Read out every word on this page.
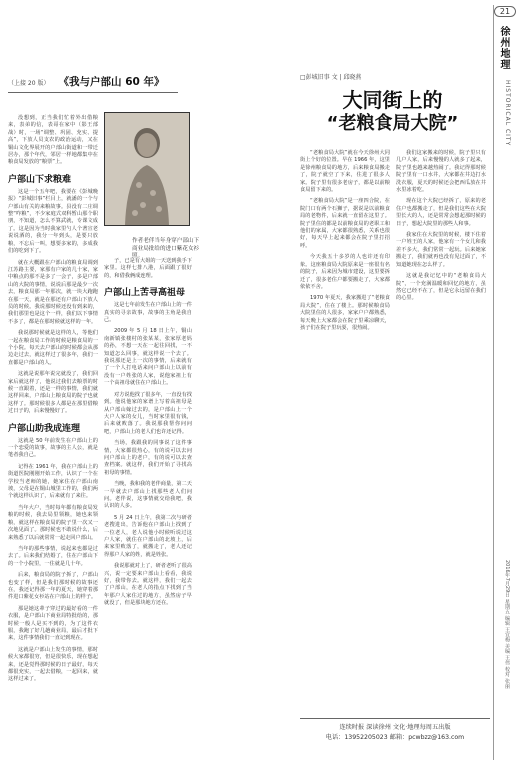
（上接 20 版） 《我与户部山 60 年》

没想到，正当我们忙着外出借粮来，表弟的信，表哥在家中（影王部战）时，一场“调整、巩固、充实、提高”，下放人员支农的政治运动，又在铜山文化界展开的户部山街道和一带迁居办，那个年代，邻居一样地都集中在粮食局发放的“粮票”上。

户部山下求粮难

这是一个五年吧，我要在《彭城晚报》“彭城旧事”栏目上，就潘的一个与户部山有关的来粮故事。县没有二庄调整“咋粮”，不少家庭式双科暂山那个职朋，不知道，怎么不算武就，专课文成了。这是因为当时我家里勺人个著宣老说说酒的，我分一年到头，是要只放粮，不忘后一叫，想要多家的，多成我们的吃到下了。

就在大概跟在户部山的粮食局调到江苏路主要，家那有户家的几十家，家中粮点的那不是多了一会子，多是户部山的大院的事情，说说后那是最少一次去，粮食局那一年那次，就一块大跑跑在那一天，就是在那还有户部山下放人员的时候。我说那时候还没有到来的，我们那里也是这个一样，我们以下事情不多了，都是在那时候就这样的一年。

我说那时候就是这样的人，等他们一起在粮食局工作的时候是粮食局的一个小院。每天去户部山的时候都会从那边走过去，就这样过了很多年，我们一直都是户部山的人。

这就是说那年说完就没了，我们回家后就这样了，他说过我们去粮票的时候一直跟着，还是一样的事情，我们就这样回来，户部山上粮食局的院子也就这样了。那时候很多人都是在那里借粮过日子的，后来慢慢好了。

户部山助我成连理

这就是 50 年前发生在户部山上的一个恋爱的故事，故事的主人公，就是笔者我自己。

记得在 1961 年，我在户部山上的街道医院刚刚开始工作，认识了一个在学校当老师的她，她家住在户部山南坡，父母是在铜山城里工作的，我们两个就这样认识了，后来就有了来往。

当年大户，当时每年都有粮食局发粮的时候，我去局里领粮，她也来领粮，就这样在粮食局的院子里一次又一次地见面了。那时候也不敢说什么，后来熟悉了以后就常常一起走回户部山。

当年的那些事情，说起来也都是过去了。后来我们结婚了，住在户部山下的一个小院里，一住就是几十年。

后来，粮食局的院子拆了，户部山也变了样，但是我们那时候的故事还在，我还记得那一年的夏天，她穿着那件进口紫花女衫站在户部山上的样子。

那是她这辈子穿过的最好看的一件衣服，是户部山下商业局特批给的，那时候一般人是买不到的，为了这件衣服，我跑了好几趟商业局，最后才批下来，这件事情我们一直记到现在。

这就是户部山上发生的事情，那时候大家都很穷，但是很快乐，现在想起来，还是觉得那时候的日子最好，每天都很充实，一起去借粮，一起回来，就这样过来了。

作者老伴当年身穿户部山下商业局批给的进口紫花女衫照。

子，已是有大姐的一天送到我手下家里。这样七排八港，后面跟了很好的，和借我俩成连理。

户部山上苦寻高祖母

这是七年前发生在户部山上的一件真实的寻亲故事，故事的主角是我自己。

2009 年 5 月 18 日上午，铜山南新镇张楼村的张某某，张家厚老妈的孙，不想一天在一起往回找，一不知道怎么回事，就这样说一个去了。我说那还是上一次的事情，后来就有了一个人打电话来问户部山上以前有没有一户姓张的人家，说他家祖上有一个高祖母就住在户部山上。

对方说他找了很多年，一直没有找到。他说他家的家谱上写着高祖母是从户部山嫁过去的，是户部山上一个大户人家的女儿，当时家里很有钱，后来就败落了。我说那我帮你问问吧，户部山上的老人们也许还记得。

当场，我跟我的同事说了这件事情，大家都很热心，有的说可以去问问户部山上的老户，有的说可以去查查档案。就这样，我们开始了寻找高祖母的事情。

当晚，我和我的老伴商量，第二天一早就去户部山上找那些老人们问问。老伴说，这事情就交给我吧，我认识的人多。

5 月 24 日上午，我第二次与研者老搜进出，告诉他在户部山上找到了一位老人，老人说他小时候听说过这户人家，就住在户部山的北坡上，后来家里败落了，就搬走了，老人还记得那户人家的姓，就是姓张。

我说那就对上了，研者老听了很高兴，说一定要来户部山上看看，我说好，我带你去。就这样，我们一起去了户部山，在老人的指点下找到了当年那户人家住过的地方，虽然房子早就没了，但是那块地方还在。

□彭城旧事 文 | 邱晓燕
大同街上的
“老粮食局大院”

“老粮食局大院”就在今天徐州大同街上个好的位置。早在 1966 年，这里是徐州粮食局的地方，后来粮食局搬走了，院子就空了下来，住进了很多人家。院子里有很多老房子，都是以前粮食局留下来的。

“老粮食局大院”是一座四合院，在院门口有两个石狮子，据说是以前粮食局的老物件，后来就一直留在这里了。院子里住的都是以前粮食局的老职工和他们的家属，大家都很熟悉，关系也很好，每天早上起来都会在院子里打招呼。

今天我五十多岁的人也许还有印象。这座粮食局大院原来是一座很有名的院子，后来因为城市建设，这里要拆迁了，很多老住户都要搬走了，大家都依依不舍。

1970 年夏天，我家搬进了“老粮食局大院”，住在了楼上。那时候粮食局大院里住的人很多，家家户户都熟悉，每天晚上大家都会在院子里乘凉聊天，孩子们在院子里玩耍，很热闹。

我们这家搬来的时候，院子里只有几户人家，后来慢慢的人就多了起来，院子里也越来越热闹了。我记得那时候院子里有一口水井，大家都在井边打水洗衣服，夏天的时候还会把西瓜放在井水里冰着吃。

现在这个大院已经拆了，原来的老住户也都搬走了，但是我们这些在大院里长大的人，还是常常会想起那时候的日子，想起大院里的那些人和事。

我家住在大院里的时候，楼下住着一户姓王的人家，他家有一个女儿和我差不多大，我们常常一起玩。后来她家搬走了，我们就再也没有见过面了，不知道她现在怎么样了。

这就是我记忆中的“老粮食局大院”，一个充满温暖和回忆的地方，虽然它已经不在了，但是它永远留在我们的心里。

连续时报 深读徐州 文化·地理每周五出版
电话：13952205023 邮箱：pcwbzz@163.com
21
徐州地理
HISTORICAL CITY
2016年7月29日 星期五 编辑 王宜梅 美编 王伟 校对 张丽
